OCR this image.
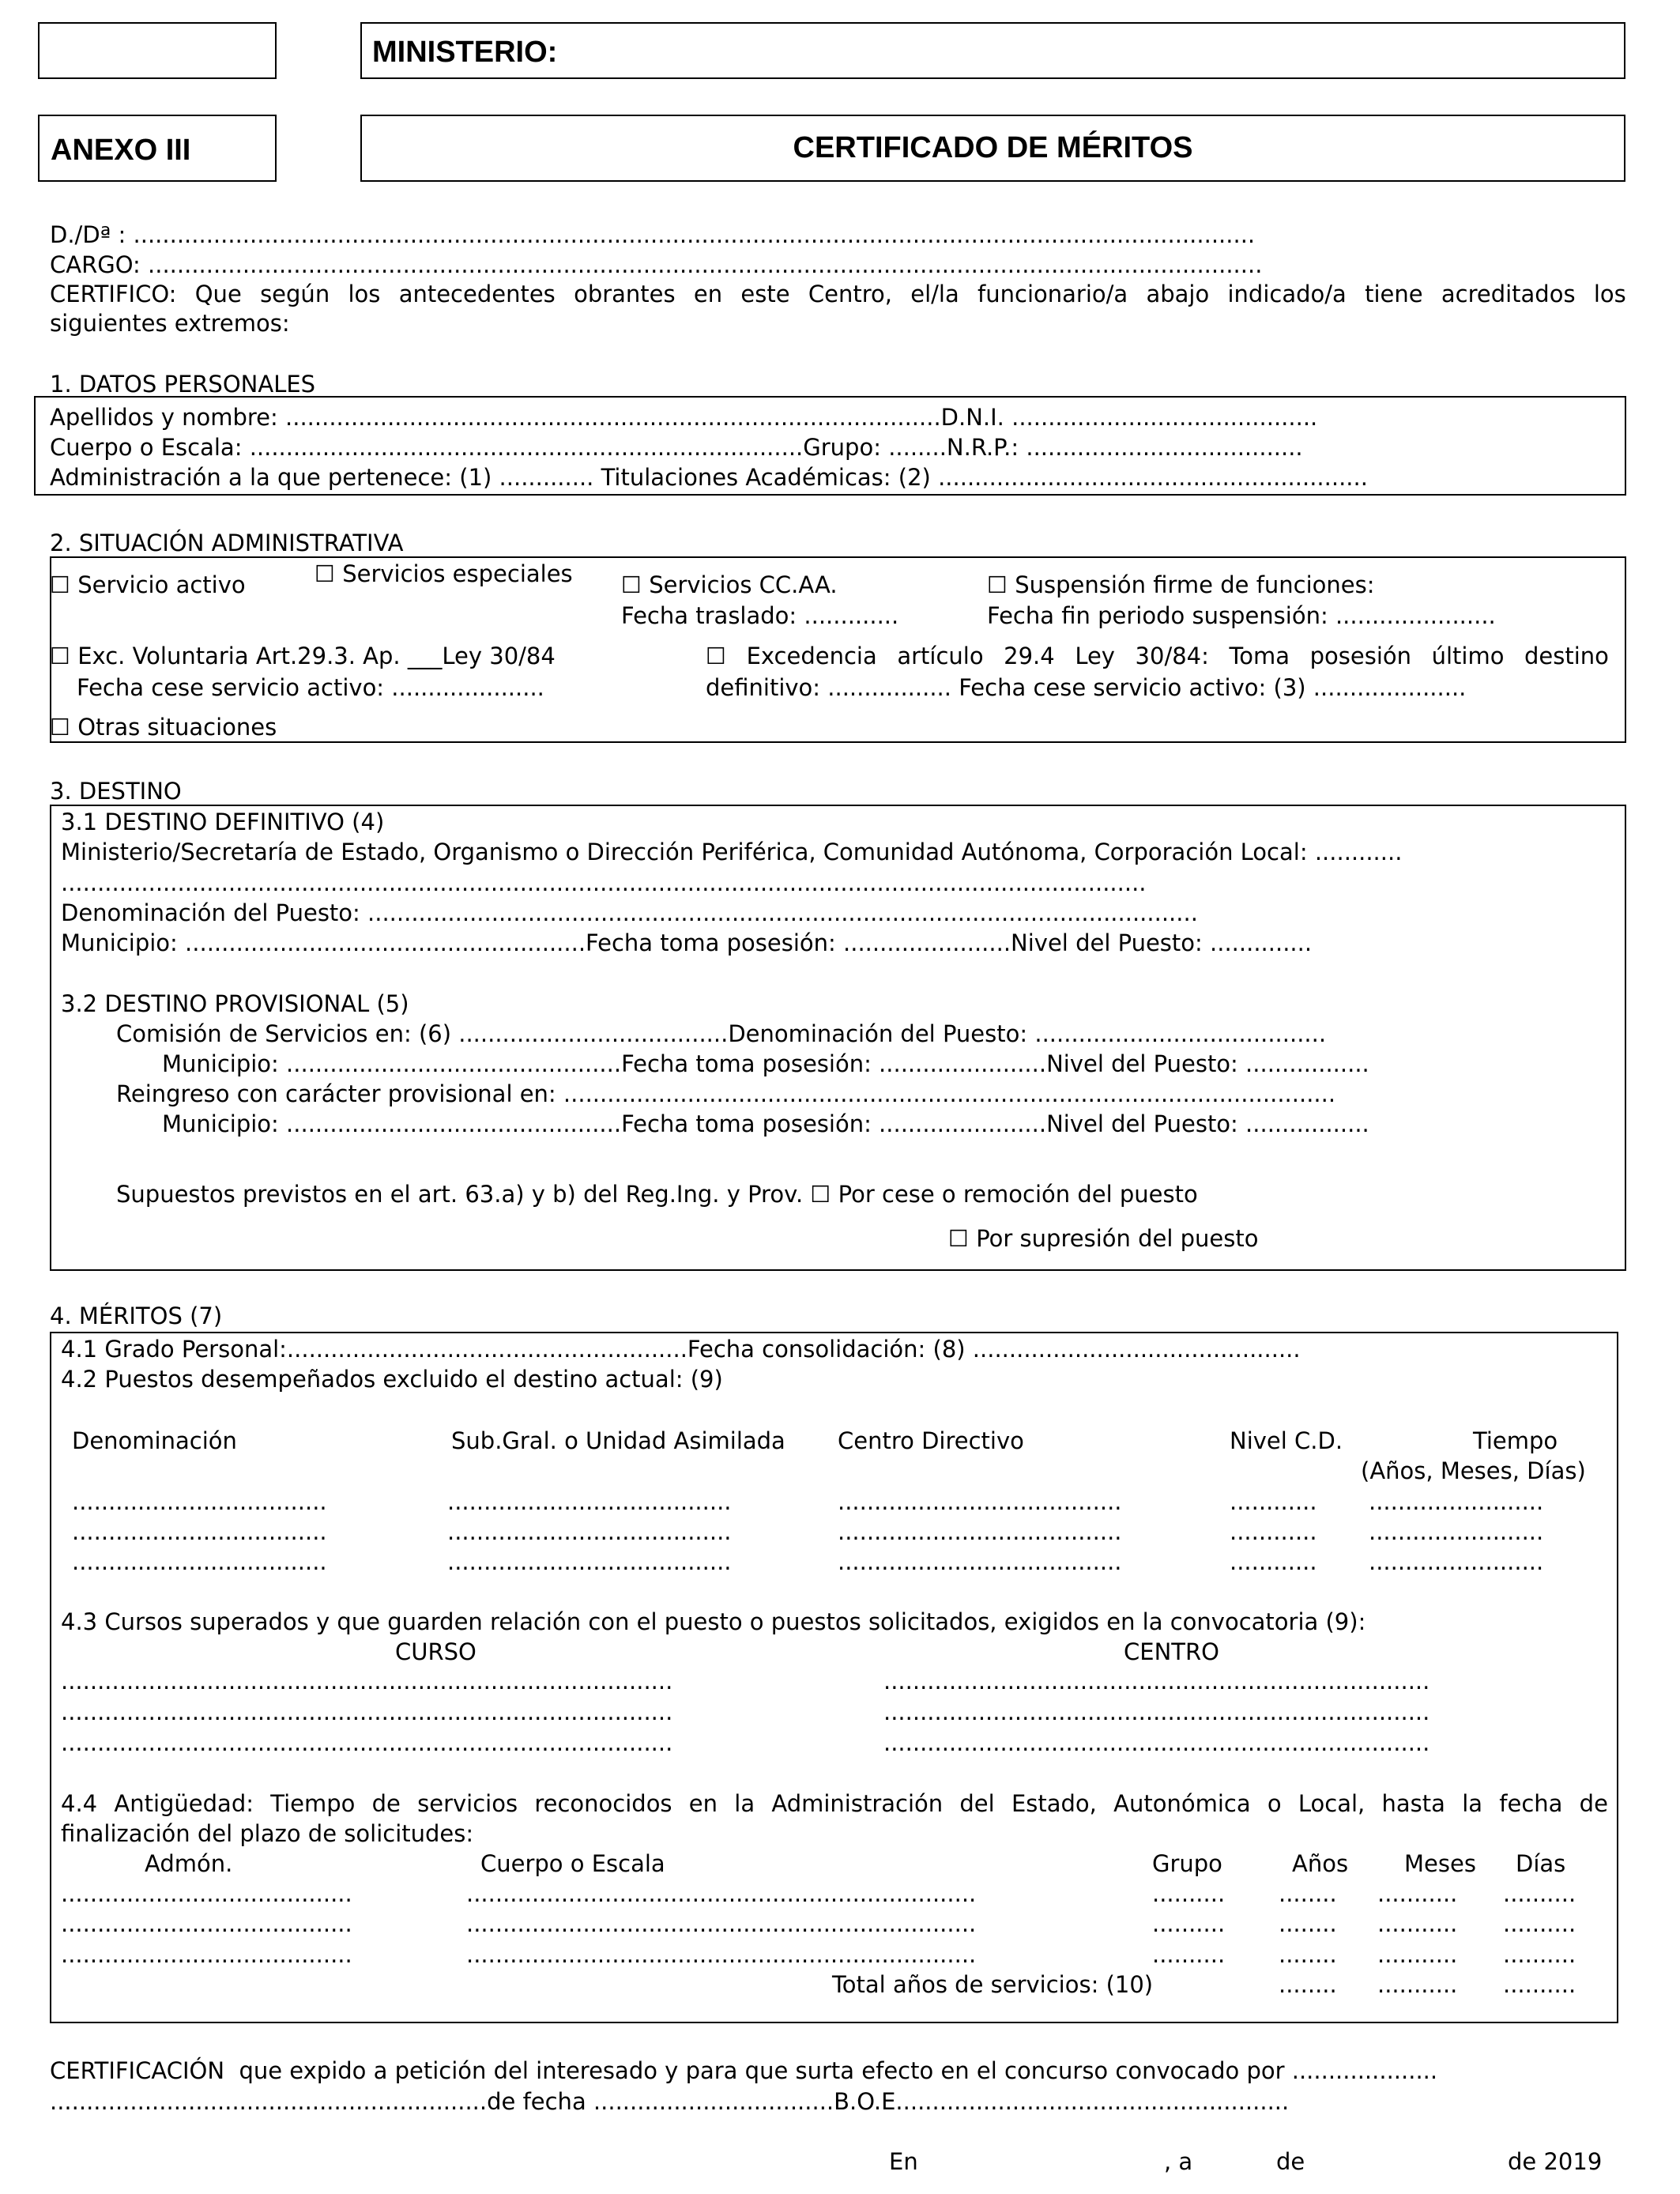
MINISTERIO:
ANEXO III	CERTIFICADO DE MÉRITOS
D./Dª : ..........................................................................................................................................................
CARGO: .........................................................................................................................................................
CERTIFICO: Que según los antecedentes obrantes en este Centro, el/la funcionario/a abajo indicado/a tiene acreditados los
siguientes extremos:
1. DATOS PERSONALES
Apellidos y nombre: ..........................................................................................D.N.I. ..........................................
Cuerpo o Escala: ............................................................................Grupo: ........N.R.P.: ......................................
Administración a la que pertenece: (1) ............. Titulaciones Académicas: (2) ...........................................................
2. SITUACIÓN ADMINISTRATIVA
☐ Servicio activo	☐ Servicios especiales ☐ Servicios CC.AA.
Fecha traslado: .............
☐ Suspensión firme de funciones:
Fecha fin periodo suspensión: ......................
☐ Exc. Voluntaria Art.29.3. Ap. ___Ley 30/84
Fecha cese servicio activo: .....................
☐ Excedencia artículo 29.4 Ley 30/84: Toma posesión último destino
definitivo: ................. Fecha cese servicio activo: (3) .....................
☐ Otras situaciones
3. DESTINO
3.1 DESTINO DEFINITIVO (4)
Ministerio/Secretaría de Estado, Organismo o Dirección Periférica, Comunidad Autónoma, Corporación Local: ............
.....................................................................................................................................................
Denominación del Puesto: ..................................................................................................................
Municipio: .......................................................Fecha toma posesión: .......................Nivel del Puesto: ..............
3.2 DESTINO PROVISIONAL (5)
Comisión de Servicios en: (6) .....................................Denominación del Puesto: ........................................
Municipio: ..............................................Fecha toma posesión: .......................Nivel del Puesto: .................
Reingreso con carácter provisional en: ..........................................................................................................
Municipio: ..............................................Fecha toma posesión: .......................Nivel del Puesto: .................
Supuestos previstos en el art. 63.a) y b) del Reg.Ing. y Prov. ☐ Por cese o remoción del puesto
☐ Por supresión del puesto
4. MÉRITOS (7)
4.1 Grado Personal:.......................................................Fecha consolidación: (8) .............................................
4.2 Puestos desempeñados excluido el destino actual: (9)
Denominación	Sub.Gral. o Unidad Asimilada Centro Directivo	Nivel C.D.	Tiempo
(Años, Meses, Días)
...................................	.......................................	.......................................	............ ........................
...................................	.......................................	.......................................	............ ........................
...................................	.......................................	.......................................	............ ........................
4.3 Cursos superados y que guarden relación con el puesto o puestos solicitados, exigidos en la convocatoria (9):
CURSO	CENTRO
....................................................................................	...........................................................................
....................................................................................	...........................................................................
....................................................................................	...........................................................................
4.4 Antigüedad: Tiempo de servicios reconocidos en la Administración del Estado, Autonómica o Local, hasta la fecha de
finalización del plazo de solicitudes:
Admón.	Cuerpo o Escala	Grupo	Años Meses Días
........................................	......................................................................	.......... ........ ........... ..........
........................................	......................................................................	.......... ........ ........... ..........
........................................	......................................................................	.......... ........ ........... ..........
Total años de servicios: (10)	........ ........... ..........
CERTIFICACIÓN  que expido a petición del interesado y para que surta efecto en el concurso convocado por ....................
............................................................de fecha .................................B.O.E......................................................
En	, a	de	de 2019
